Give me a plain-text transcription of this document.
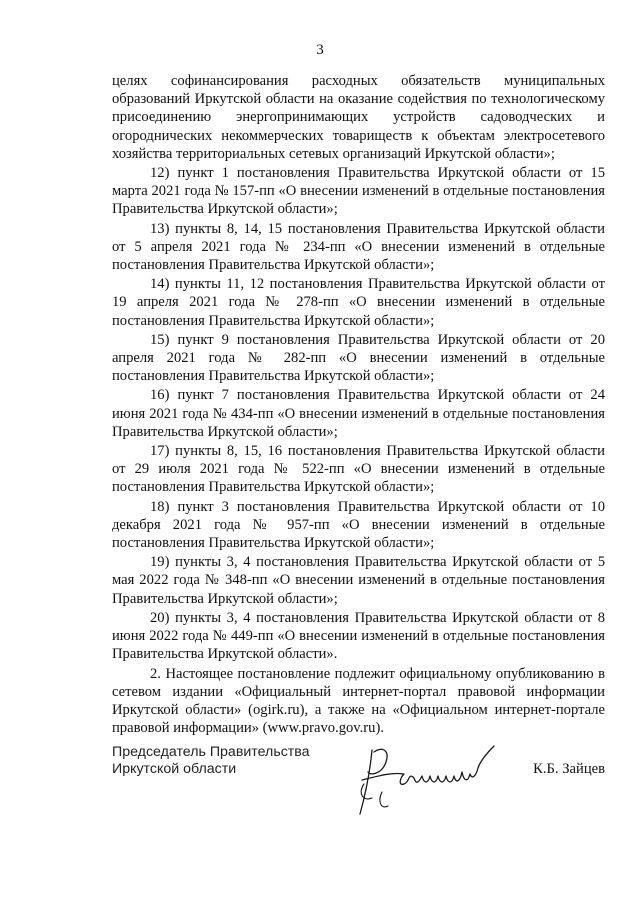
3

целях софинансирования расходных обязательств муниципальных образований Иркутской области на оказание содействия по технологическому присоединению энергопринимающих устройств садоводческих и огороднических некоммерческих товариществ к объектам электросетевого хозяйства территориальных сетевых организаций Иркутской области»;

12) пункт 1 постановления Правительства Иркутской области от 15 марта 2021 года № 157-пп «О внесении изменений в отдельные постановления Правительства Иркутской области»;

13) пункты 8, 14, 15 постановления Правительства Иркутской области от 5 апреля 2021 года № 234-пп «О внесении изменений в отдельные постановления Правительства Иркутской области»;

14) пункты 11, 12 постановления Правительства Иркутской области от 19 апреля 2021 года № 278-пп «О внесении изменений в отдельные постановления Правительства Иркутской области»;

15) пункт 9 постановления Правительства Иркутской области от 20 апреля 2021 года № 282-пп «О внесении изменений в отдельные постановления Правительства Иркутской области»;

16) пункт 7 постановления Правительства Иркутской области от 24 июня 2021 года № 434-пп «О внесении изменений в отдельные постановления Правительства Иркутской области»;

17) пункты 8, 15, 16 постановления Правительства Иркутской области от 29 июля 2021 года № 522-пп «О внесении изменений в отдельные постановления Правительства Иркутской области»;

18) пункт 3 постановления Правительства Иркутской области от 10 декабря 2021 года № 957-пп «О внесении изменений в отдельные постановления Правительства Иркутской области»;

19) пункты 3, 4 постановления Правительства Иркутской области от 5 мая 2022 года № 348-пп «О внесении изменений в отдельные постановления Правительства Иркутской области»;

20) пункты 3, 4 постановления Правительства Иркутской области от 8 июня 2022 года № 449-пп «О внесении изменений в отдельные постановления Правительства Иркутской области».

2. Настоящее постановление подлежит официальному опубликованию в сетевом издании «Официальный интернет-портал правовой информации Иркутской области» (ogirk.ru), а также на «Официальном интернет-портале правовой информации» (www.pravo.gov.ru).

Председатель Правительства
Иркутской области	К.Б. Зайцев
